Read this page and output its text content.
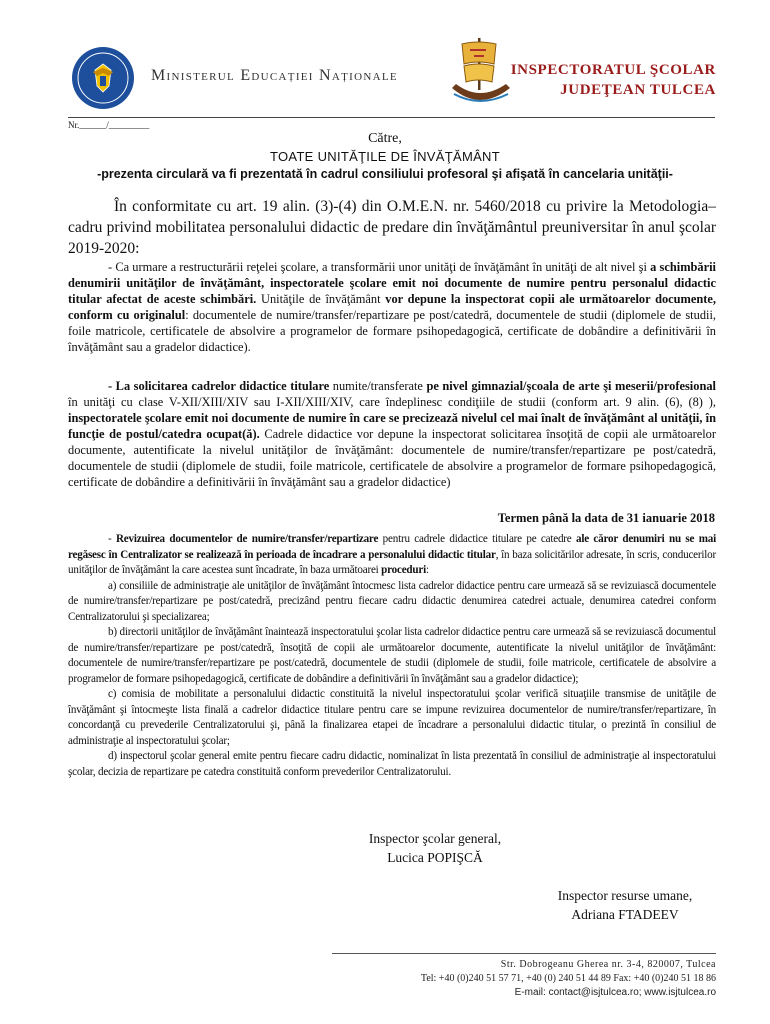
Ministerul Educației Naționale	INSPECTORATUL ŞCOLAR
JUDEŢEAN TULCEA
Nr.______/_________
Către,
TOATE UNITĂŢILE DE ÎNVĂŢĂMÂNT
-prezenta circulară va fi prezentată în cadrul consiliului profesoral şi afişată în cancelaria unităţii-
În conformitate cu art. 19 alin. (3)-(4) din O.M.E.N. nr. 5460/2018 cu privire la Metodologia– cadru privind mobilitatea personalului didactic de predare din învăţământul preuniversitar în anul şcolar 2019-2020:
- Ca urmare a restructurării reţelei şcolare, a transformării unor unităţi de învăţământ în unităţi de alt nivel şi a schimbării denumirii unităţilor de învăţământ, inspectoratele şcolare emit noi documente de numire pentru personalul didactic titular afectat de aceste schimbări. Unităţile de învăţământ vor depune la inspectorat copii ale următoarelor documente, conform cu originalul: documentele de numire/transfer/repartizare pe post/catedră, documentele de studii (diplomele de studii, foile matricole, certificatele de absolvire a programelor de formare psihopedagogică, certificate de dobândire a definitivării în învăţământ sau a gradelor didactice).
- La solicitarea cadrelor didactice titulare numite/transferate pe nivel gimnazial/şcoala de arte şi meserii/profesional în unităţi cu clase V-XII/XIII/XIV sau I-XII/XIII/XIV, care îndeplinesc condiţiile de studii (conform art. 9 alin. (6), (8) ), inspectoratele şcolare emit noi documente de numire în care se precizează nivelul cel mai înalt de învăţământ al unităţii, în funcţie de postul/catedra ocupat(ă). Cadrele didactice vor depune la inspectorat solicitarea însoţită de copii ale următoarelor documente, autentificate la nivelul unităţilor de învăţământ: documentele de numire/transfer/repartizare pe post/catedră, documentele de studii (diplomele de studii, foile matricole, certificatele de absolvire a programelor de formare psihopedagogică, certificate de dobândire a definitivării în învăţământ sau a gradelor didactice)
Termen până la data de 31 ianuarie 2018
- Revizuirea documentelor de numire/transfer/repartizare pentru cadrele didactice titulare pe catedre ale căror denumiri nu se mai regăsesc în Centralizator se realizează în perioada de încadrare a personalului didactic titular, în baza solicitărilor adresate, în scris, conducerilor unităţilor de învăţământ la care acestea sunt încadrate, în baza următoarei proceduri:
a) consiliile de administraţie ale unităţilor de învăţământ întocmesc lista cadrelor didactice pentru care urmează să se revizuiască documentele de numire/transfer/repartizare pe post/catedră, precizând pentru fiecare cadru didactic denumirea catedrei actuale, denumirea catedrei conform Centralizatorului şi specializarea;
b) directorii unităţilor de învăţământ înaintează inspectoratului şcolar lista cadrelor didactice pentru care urmează să se revizuiască documentul de numire/transfer/repartizare pe post/catedră, însoţită de copii ale următoarelor documente, autentificate la nivelul unităţilor de învăţământ: documentele de numire/transfer/repartizare pe post/catedră, documentele de studii (diplomele de studii, foile matricole, certificatele de absolvire a programelor de formare psihopedagogică, certificate de dobândire a definitivării în învăţământ sau a gradelor didactice);
c) comisia de mobilitate a personalului didactic constituită la nivelul inspectoratului şcolar verifică situaţiile transmise de unităţile de învăţământ şi întocmeşte lista finală a cadrelor didactice titulare pentru care se impune revizuirea documentelor de numire/transfer/repartizare, în concordanţă cu prevederile Centralizatorului şi, până la finalizarea etapei de încadrare a personalului didactic titular, o prezintă în consiliul de administraţie al inspectoratului şcolar;
d) inspectorul şcolar general emite pentru fiecare cadru didactic, nominalizat în lista prezentată în consiliul de administraţie al inspectoratului şcolar, decizia de repartizare pe catedra constituită conform prevederilor Centralizatorului.
Inspector şcolar general,
Lucica POPIŞCĂ
Inspector resurse umane,
Adriana FTADEEV
Str. Dobrogeanu Gherea nr. 3-4, 820007, Tulcea
Tel: +40 (0)240 51 57 71, +40 (0) 240 51 44 89 Fax: +40 (0)240 51 18 86
E-mail: contact@isjtulcea.ro; www.isjtulcea.ro
